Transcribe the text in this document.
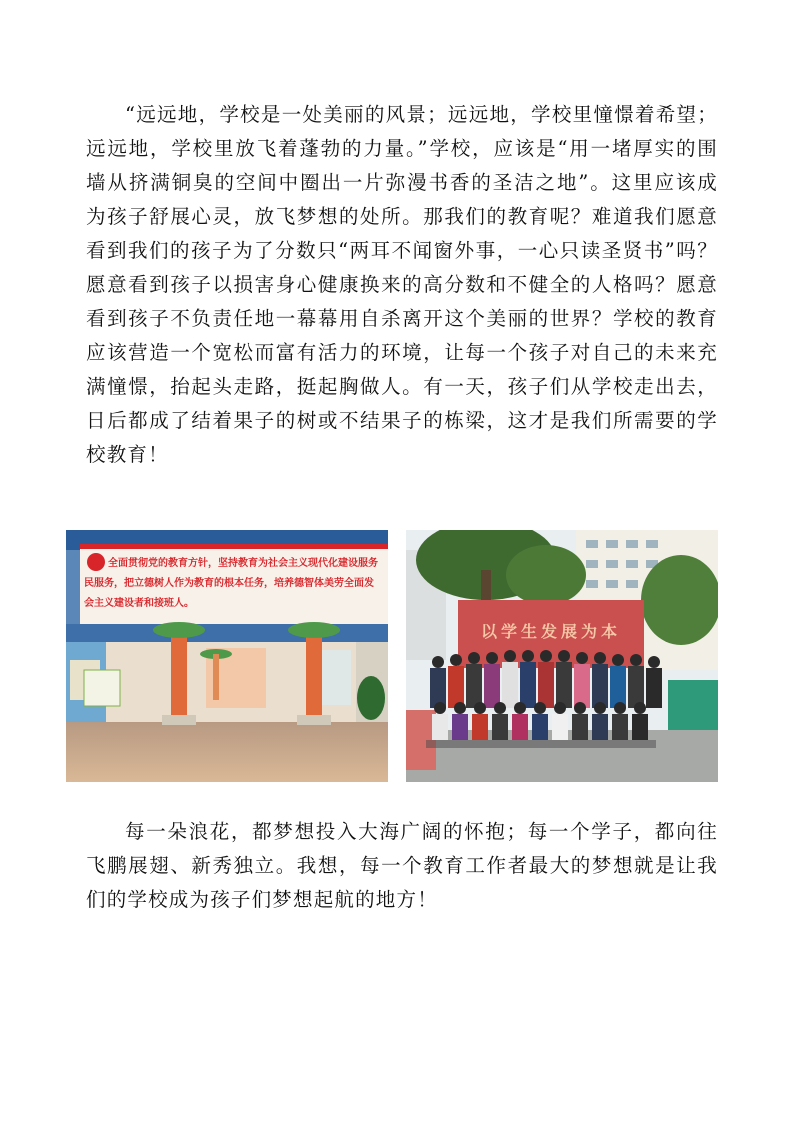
“远远地，学校是一处美丽的风景；远远地，学校里憧憬着希望；远远地，学校里放飞着蓬勃的力量。”学校，应该是“用一堵厚实的围墙从挤满铜臭的空间中圈出一片弥漫书香的圣洁之地”。这里应该成为孩子舒展心灵，放飞梦想的处所。那我们的教育呢？难道我们愿意看到我们的孩子为了分数只“两耳不闻窗外事，一心只读圣贤书”吗？愿意看到孩子以损害身心健康换来的高分数和不健全的人格吗？愿意看到孩子不负责任地一幕幕用自杀离开这个美丽的世界？学校的教育应该营造一个宽松而富有活力的环境，让每一个孩子对自己的未来充满憧憬，抬起头走路，挺起胸做人。有一天，孩子们从学校走出去，日后都成了结着果子的树或不结果子的栋梁，这才是我们所需要的学校教育！

全面贯彻党的教育方针，坚持教育为社会主义现代化建设服务
民服务，把立德树人作为教育的根本任务，培养德智体美劳全面发
会主义建设者和接班人。
以学生发展为本

每一朵浪花，都梦想投入大海广阔的怀抱；每一个学子，都向往飞鹏展翅、新秀独立。我想，每一个教育工作者最大的梦想就是让我们的学校成为孩子们梦想起航的地方！
